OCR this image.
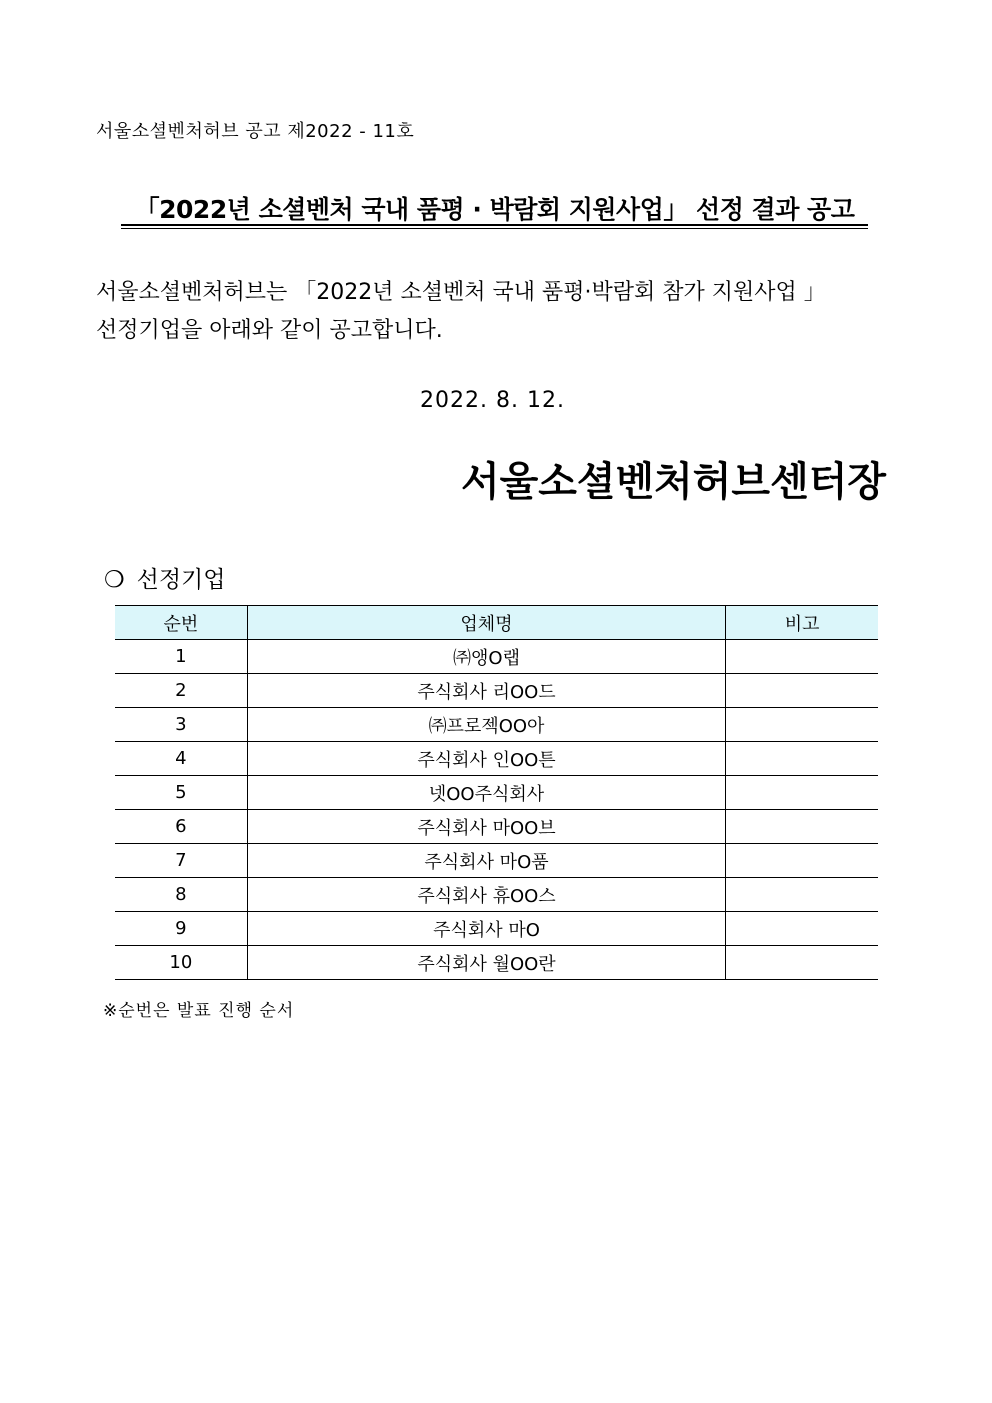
서울소셜벤처허브 공고 제2022 - 11호
「2022년 소셜벤처 국내 품평 · 박람회 지원사업」 선정 결과 공고
서울소셜벤처허브는 「2022년 소셜벤처 국내 품평·박람회 참가 지원사업 」
선정기업을 아래와 같이 공고합니다.
2022. 8. 12.
서울소셜벤처허브센터장
❍ 선정기업
순번	업체명	비고
1	㈜앵O랩	
2	주식회사 리OO드	
3	㈜프로젝OO아	
4	주식회사 인OO튼	
5	넷OO주식회사	
6	주식회사 마OO브	
7	주식회사 마O품	
8	주식회사 휴OO스	
9	주식회사 마O	
10	주식회사 월OO란	
※순번은 발표 진행 순서
